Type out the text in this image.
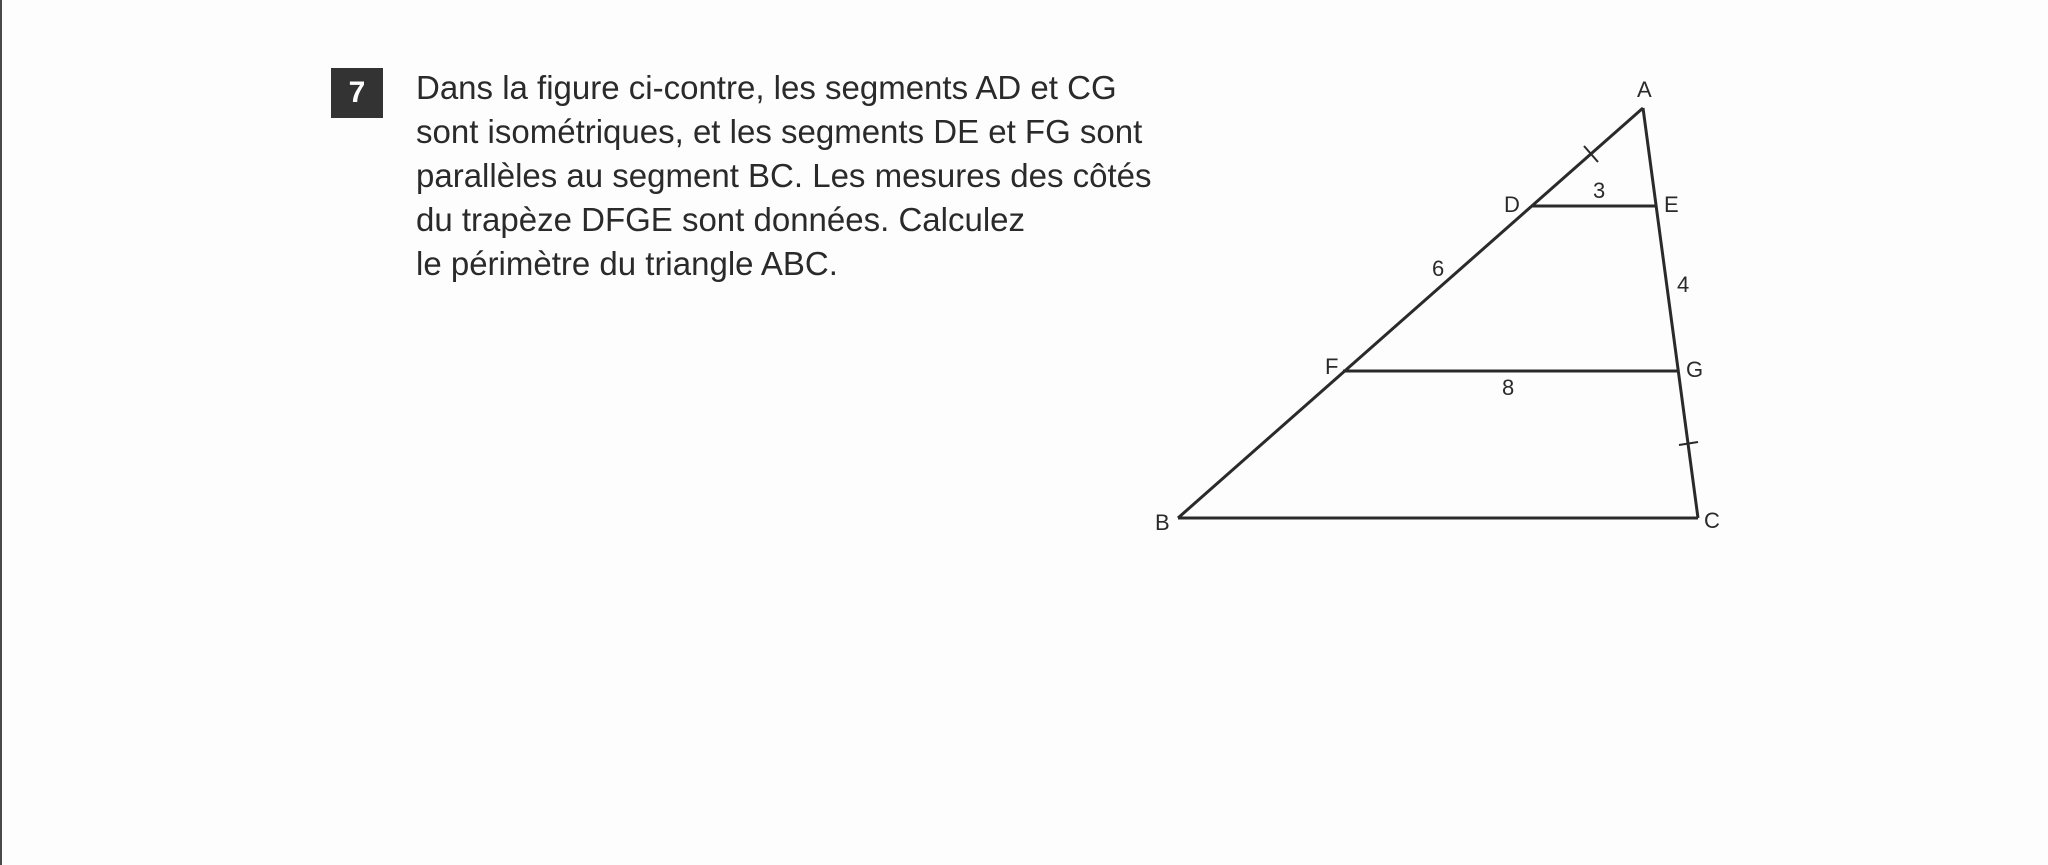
7 Dans la figure ci-contre, les segments AD et CG
sont isométriques, et les segments DE et FG sont
parallèles au segment BC. Les mesures des côtés
du trapèze DFGE sont données. Calculez
le périmètre du triangle ABC.
A
B	C
D	E
F	G
3
4
6
8
